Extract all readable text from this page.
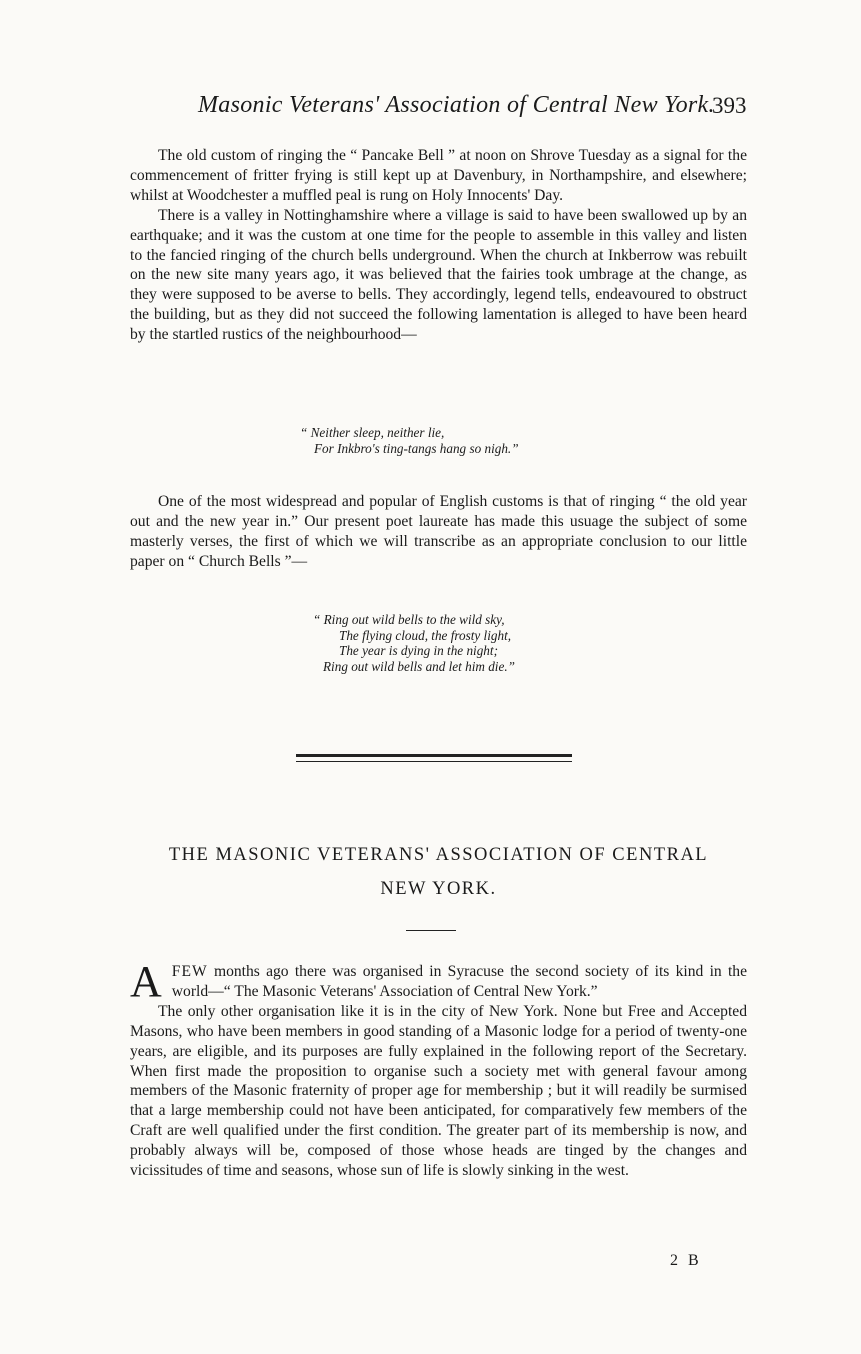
Masonic Veterans' Association of Central New York.
393

The old custom of ringing the “ Pancake Bell ” at noon on Shrove Tuesday as a signal for the commencement of fritter frying is still kept up at Davenbury, in Northampshire, and elsewhere; whilst at Woodchester a muffled peal is rung on Holy Innocents' Day.

There is a valley in Nottinghamshire where a village is said to have been swallowed up by an earthquake; and it was the custom at one time for the people to assemble in this valley and listen to the fancied ringing of the church bells underground. When the church at Inkberrow was rebuilt on the new site many years ago, it was believed that the fairies took umbrage at the change, as they were supposed to be averse to bells. They accordingly, legend tells, endeavoured to obstruct the building, but as they did not succeed the following lamentation is alleged to have been heard by the startled rustics of the neighbourhood—

“ Neither sleep, neither lie,
For Inkbro's ting-tangs hang so nigh.”

One of the most widespread and popular of English customs is that of ringing “ the old year out and the new year in.” Our present poet laureate has made this usuage the subject of some masterly verses, the first of which we will transcribe as an appropriate conclusion to our little paper on “ Church Bells ”—

“ Ring out wild bells to the wild sky,
The flying cloud, the frosty light,
The year is dying in the night;
Ring out wild bells and let him die.”
THE MASONIC VETERANS' ASSOCIATION OF CENTRAL
NEW YORK.

AFEW months ago there was organised in Syracuse the second society of its kind in the world—“ The Masonic Veterans' Association of Central New York.”

The only other organisation like it is in the city of New York. None but Free and Accepted Masons, who have been members in good standing of a Masonic lodge for a period of twenty-one years, are eligible, and its purposes are fully explained in the following report of the Secretary. When first made the proposition to organise such a society met with general favour among members of the Masonic fraternity of proper age for membership ; but it will readily be surmised that a large membership could not have been anticipated, for comparatively few members of the Craft are well qualified under the first condition. The greater part of its membership is now, and probably always will be, composed of those whose heads are tinged by the changes and vicissitudes of time and seasons, whose sun of life is slowly sinking in the west.

2 B
